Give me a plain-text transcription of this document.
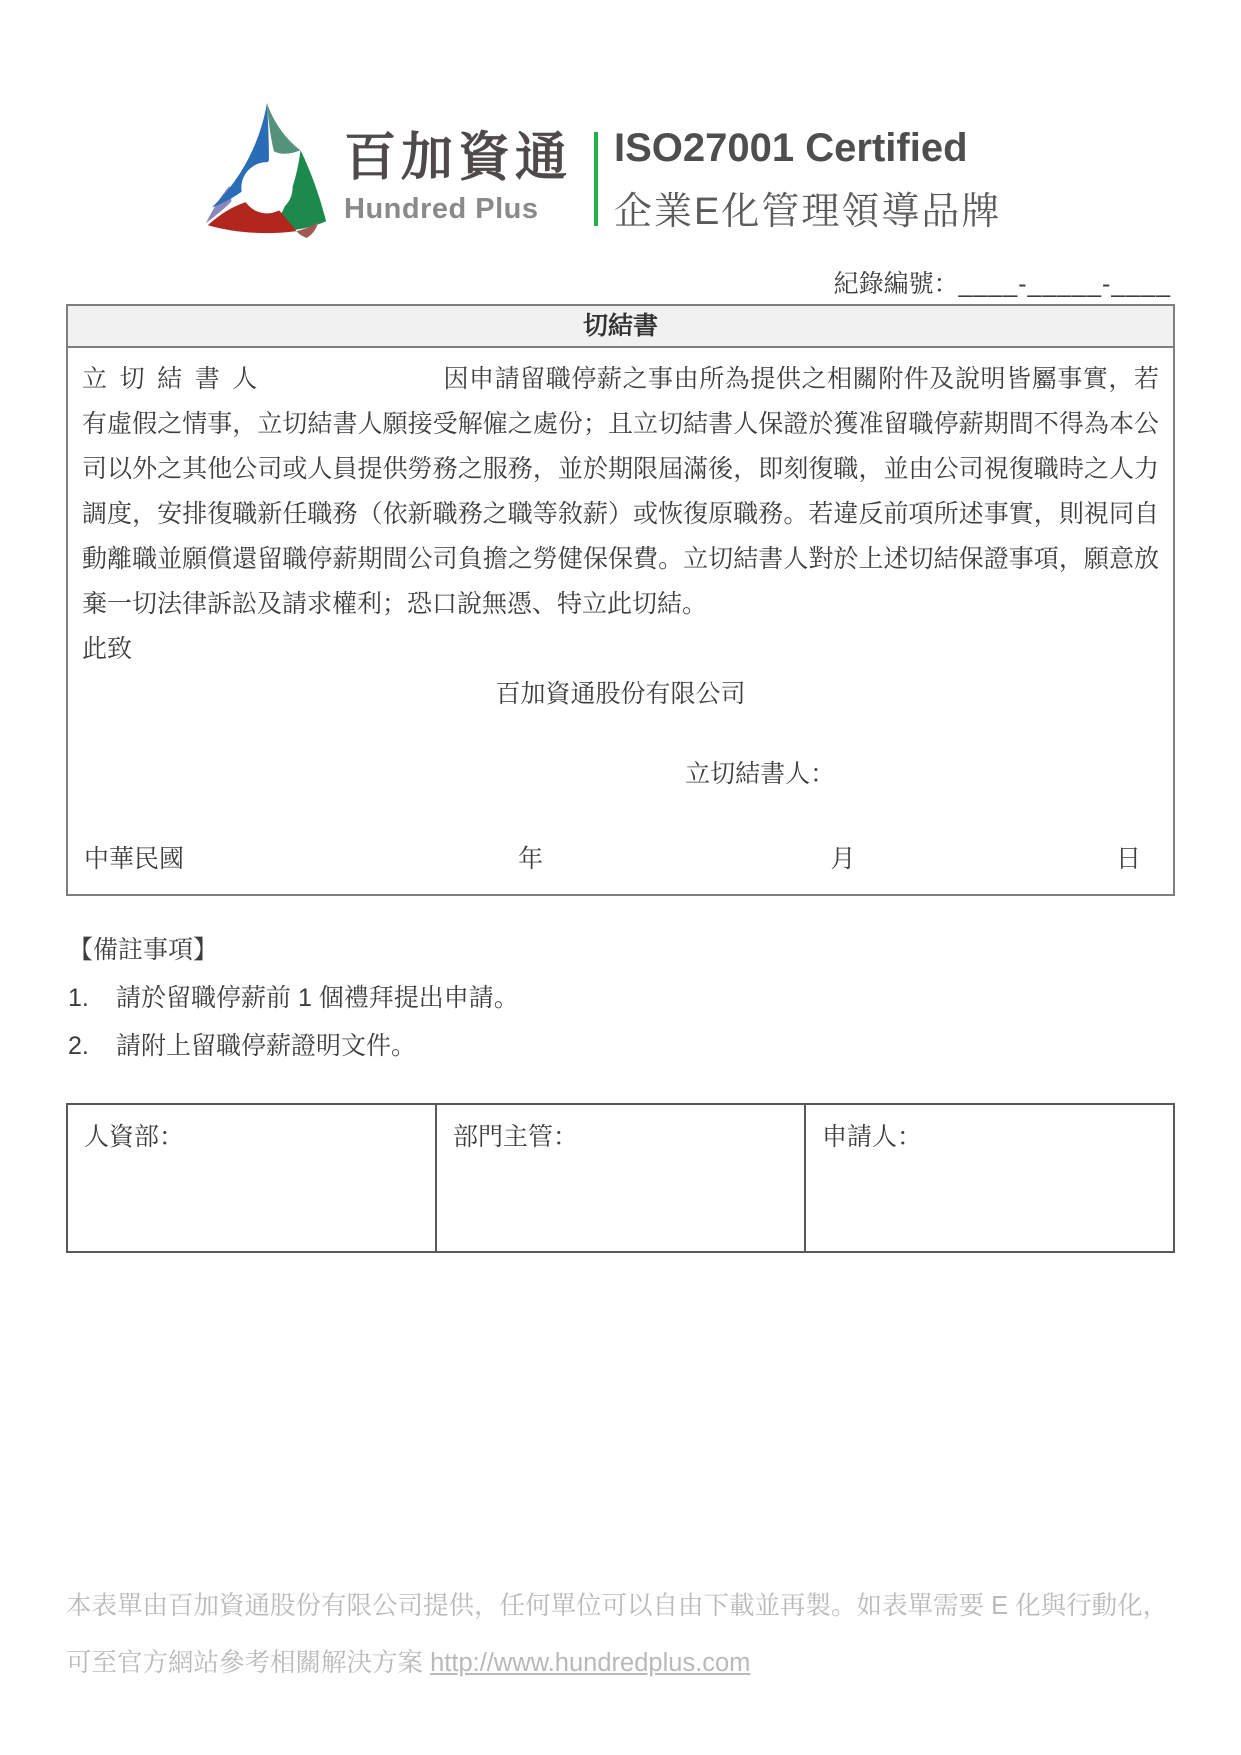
百加資通
Hundred Plus
ISO27001 Certified
企業E化管理領導品牌
紀錄編號：____-_____-____
切結書
立切結書人	因申請留職停薪之事由所為提供之相關附件及說明皆屬事實，若有虛假之情事，立切結書人願接受解僱之處份；且立切結書人保證於獲准留職停薪期間不得為本公司以外之其他公司或人員提供勞務之服務，並於期限屆滿後，即刻復職，並由公司視復職時之人力調度，安排復職新任職務（依新職務之職等敘薪）或恢復原職務。若違反前項所述事實，則視同自動離職並願償還留職停薪期間公司負擔之勞健保保費。立切結書人對於上述切結保證事項，願意放棄一切法律訴訟及請求權利；恐口說無憑、特立此切結。
此致
百加資通股份有限公司
立切結書人：
中華民國	年	月	日
【備註事項】
1.	請於留職停薪前 1 個禮拜提出申請。
2.	請附上留職停薪證明文件。
人資部：	部門主管：	申請人：
本表單由百加資通股份有限公司提供，任何單位可以自由下載並再製。如表單需要 E 化與行動化，
可至官方網站參考相關解決方案 http://www.hundredplus.com
